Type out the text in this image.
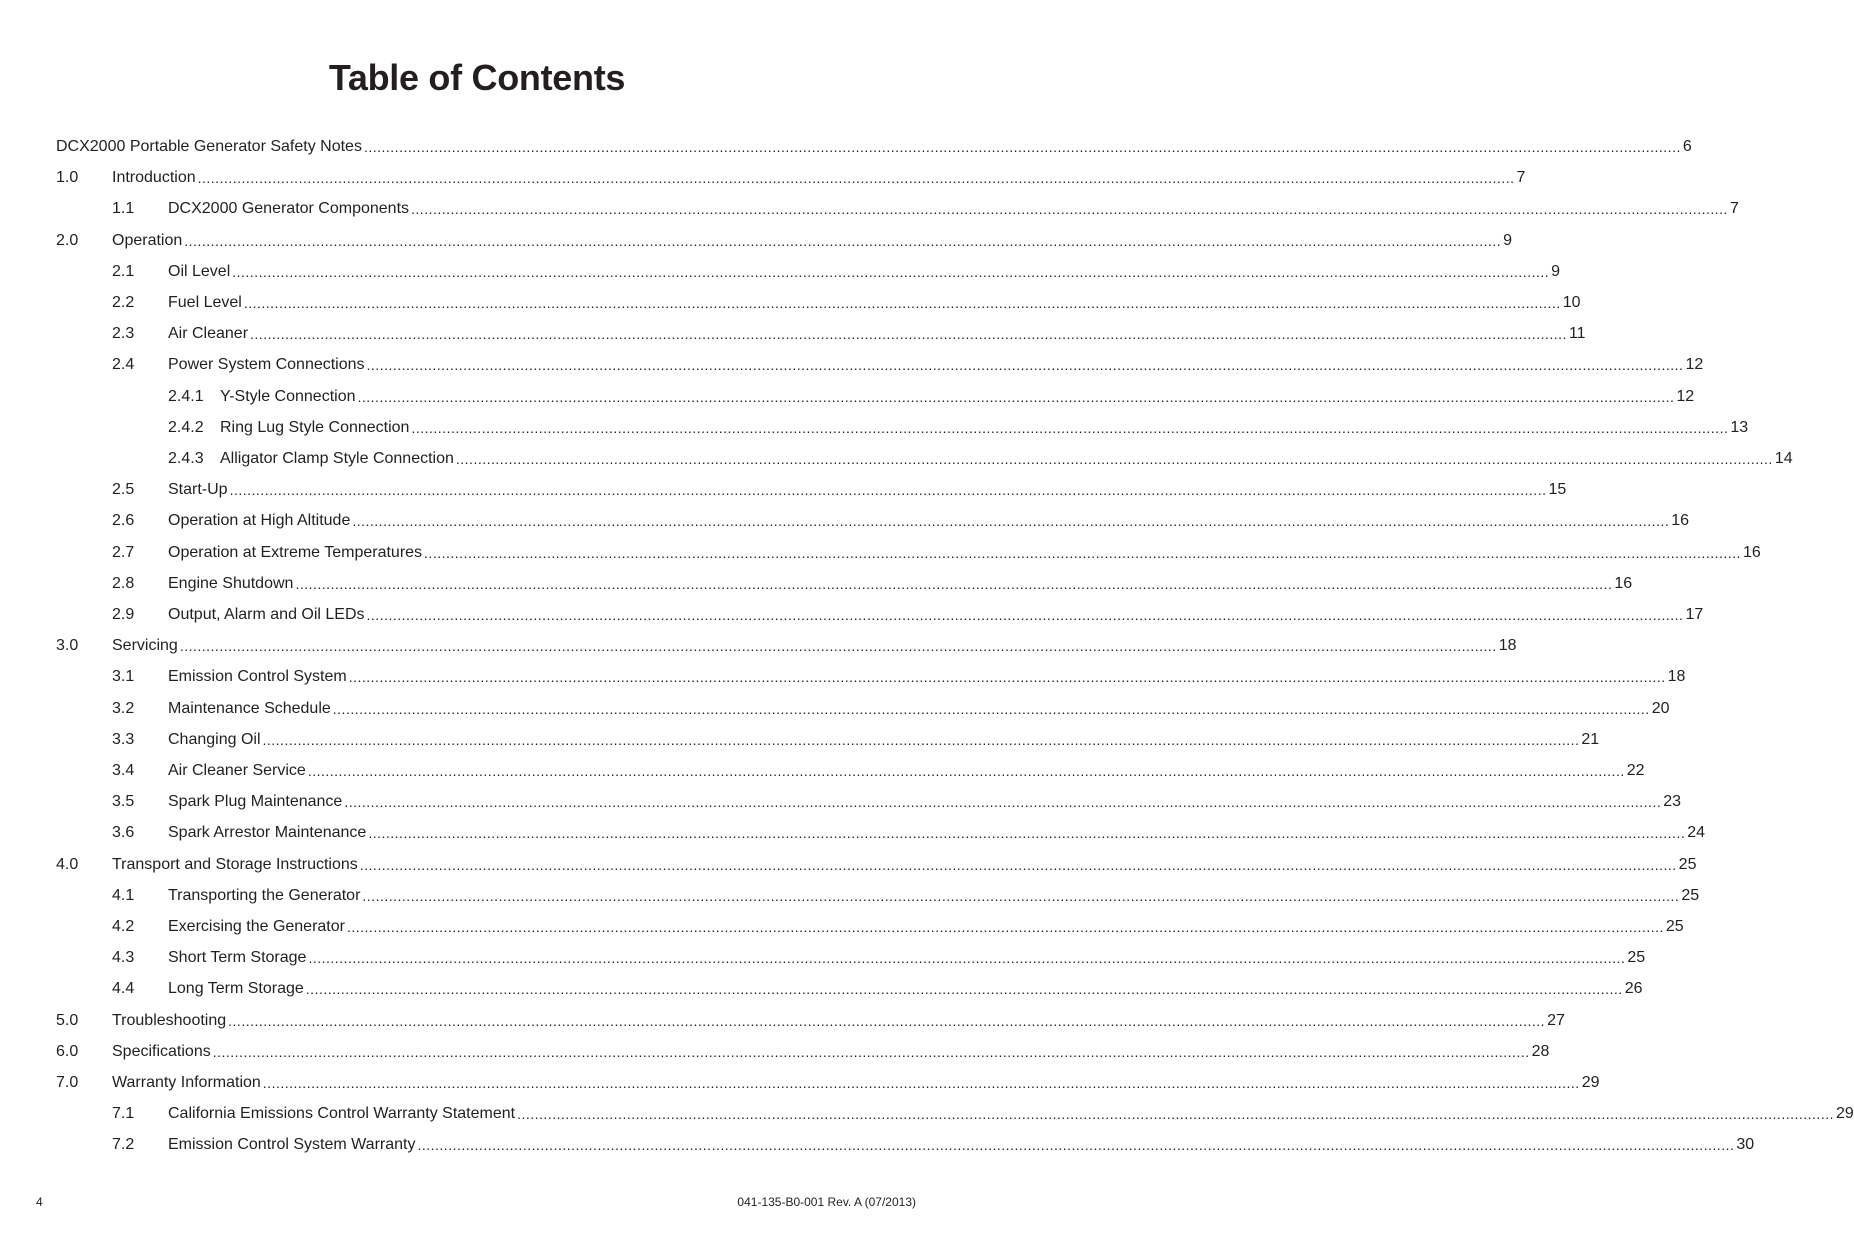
Table of Contents
DCX2000 Portable Generator Safety Notes ............................................................................................................................................................................................................................................................................................................ 6
1.0	Introduction ............................................................................................................................................................................................................................................................................................................ 7
1.1	DCX2000 Generator Components ............................................................................................................................................................................................................................................................................................................ 7
2.0	Operation ............................................................................................................................................................................................................................................................................................................ 9
2.1	Oil Level ............................................................................................................................................................................................................................................................................................................ 9
2.2	Fuel Level ............................................................................................................................................................................................................................................................................................................ 10
2.3	Air Cleaner ............................................................................................................................................................................................................................................................................................................ 11
2.4	Power System Connections ............................................................................................................................................................................................................................................................................................................ 12
2.4.1	Y-Style Connection ............................................................................................................................................................................................................................................................................................................ 12
2.4.2	Ring Lug Style Connection ............................................................................................................................................................................................................................................................................................................ 13
2.4.3	Alligator Clamp Style Connection ............................................................................................................................................................................................................................................................................................................ 14
2.5	Start-Up ............................................................................................................................................................................................................................................................................................................ 15
2.6	Operation at High Altitude ............................................................................................................................................................................................................................................................................................................ 16
2.7	Operation at Extreme Temperatures ............................................................................................................................................................................................................................................................................................................ 16
2.8	Engine Shutdown ............................................................................................................................................................................................................................................................................................................ 16
2.9	Output, Alarm and Oil LEDs ............................................................................................................................................................................................................................................................................................................ 17
3.0	Servicing ............................................................................................................................................................................................................................................................................................................ 18
3.1	Emission Control System ............................................................................................................................................................................................................................................................................................................ 18
3.2	Maintenance Schedule ............................................................................................................................................................................................................................................................................................................ 20
3.3	Changing Oil ............................................................................................................................................................................................................................................................................................................ 21
3.4	Air Cleaner Service ............................................................................................................................................................................................................................................................................................................ 22
3.5	Spark Plug Maintenance ............................................................................................................................................................................................................................................................................................................ 23
3.6	Spark Arrestor Maintenance ............................................................................................................................................................................................................................................................................................................ 24
4.0	Transport and Storage Instructions ............................................................................................................................................................................................................................................................................................................ 25
4.1	Transporting the Generator ............................................................................................................................................................................................................................................................................................................ 25
4.2	Exercising the Generator ............................................................................................................................................................................................................................................................................................................ 25
4.3	Short Term Storage ............................................................................................................................................................................................................................................................................................................ 25
4.4	Long Term Storage ............................................................................................................................................................................................................................................................................................................ 26
5.0	Troubleshooting ............................................................................................................................................................................................................................................................................................................ 27
6.0	Specifications ............................................................................................................................................................................................................................................................................................................ 28
7.0	Warranty Information ............................................................................................................................................................................................................................................................................................................ 29
7.1	California Emissions Control Warranty Statement ............................................................................................................................................................................................................................................................................................................ 29
7.2	Emission Control System Warranty ............................................................................................................................................................................................................................................................................................................ 30
4	041-135-B0-001 Rev. A (07/2013)
